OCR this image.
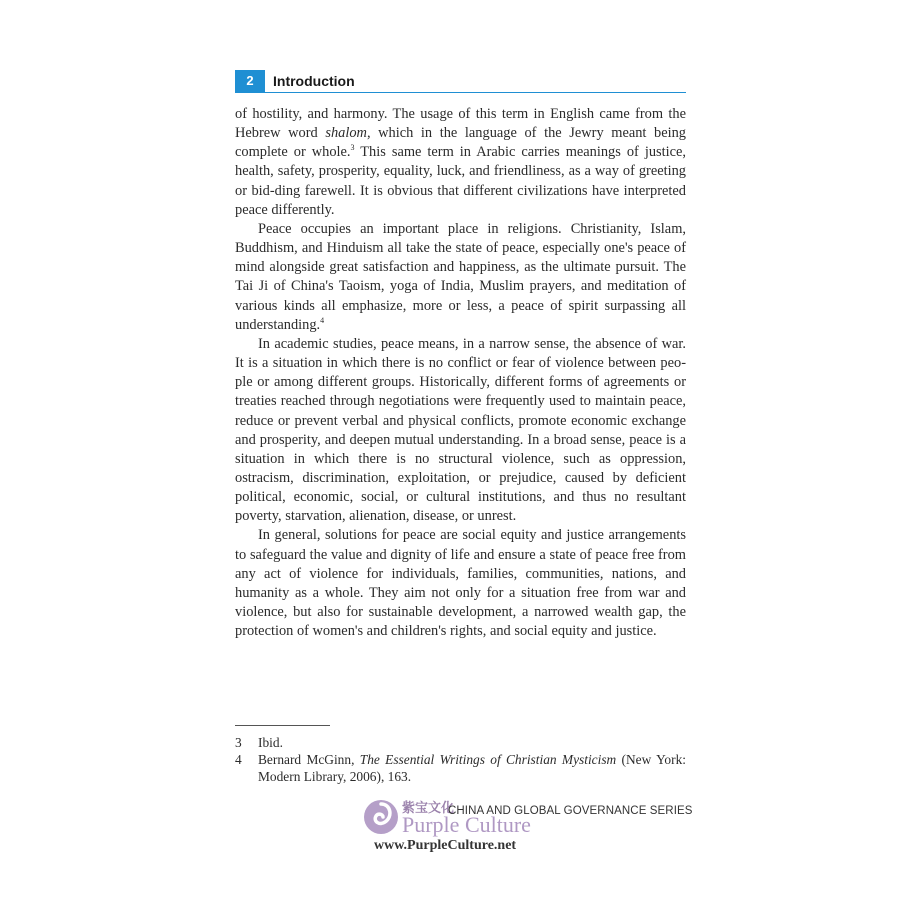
2	Introduction

of hostility, and harmony. The usage of this term in English came from the Hebrew word shalom, which in the language of the Jewry meant being complete or whole.$^3$ This same term in Arabic carries meanings of justice, health, safety, prosperity, equality, luck, and friendliness, as a way of greeting or bid-ding farewell. It is obvious that different civilizations have interpreted peace differently.

Peace occupies an important place in religions. Christianity, Islam, Buddhism, and Hinduism all take the state of peace, especially one's peace of mind alongside great satisfaction and happiness, as the ultimate pursuit. The Tai Ji of China's Taoism, yoga of India, Muslim prayers, and meditation of various kinds all emphasize, more or less, a peace of spirit surpassing all understanding.$^4$

In academic studies, peace means, in a narrow sense, the absence of war. It is a situation in which there is no conflict or fear of violence between peo-ple or among different groups. Historically, different forms of agreements or treaties reached through negotiations were frequently used to maintain peace, reduce or prevent verbal and physical conflicts, promote economic exchange and prosperity, and deepen mutual understanding. In a broad sense, peace is a situation in which there is no structural violence, such as oppression, ostracism, discrimination, exploitation, or prejudice, caused by deficient political, economic, social, or cultural institutions, and thus no resultant poverty, starvation, alienation, disease, or unrest.

In general, solutions for peace are social equity and justice arrangements to safeguard the value and dignity of life and ensure a state of peace free from any act of violence for individuals, families, communities, nations, and humanity as a whole. They aim not only for a situation free from war and violence, but also for sustainable development, a narrowed wealth gap, the protection of women's and children's rights, and social equity and justice.

3 Ibid.
4 Bernard McGinn, The Essential Writings of Christian Mysticism (New York: Modern Library, 2006), 163.
紫宝文化
Purple Culture
www.PurpleCulture.net
CHINA AND GLOBAL GOVERNANCE SERIES
